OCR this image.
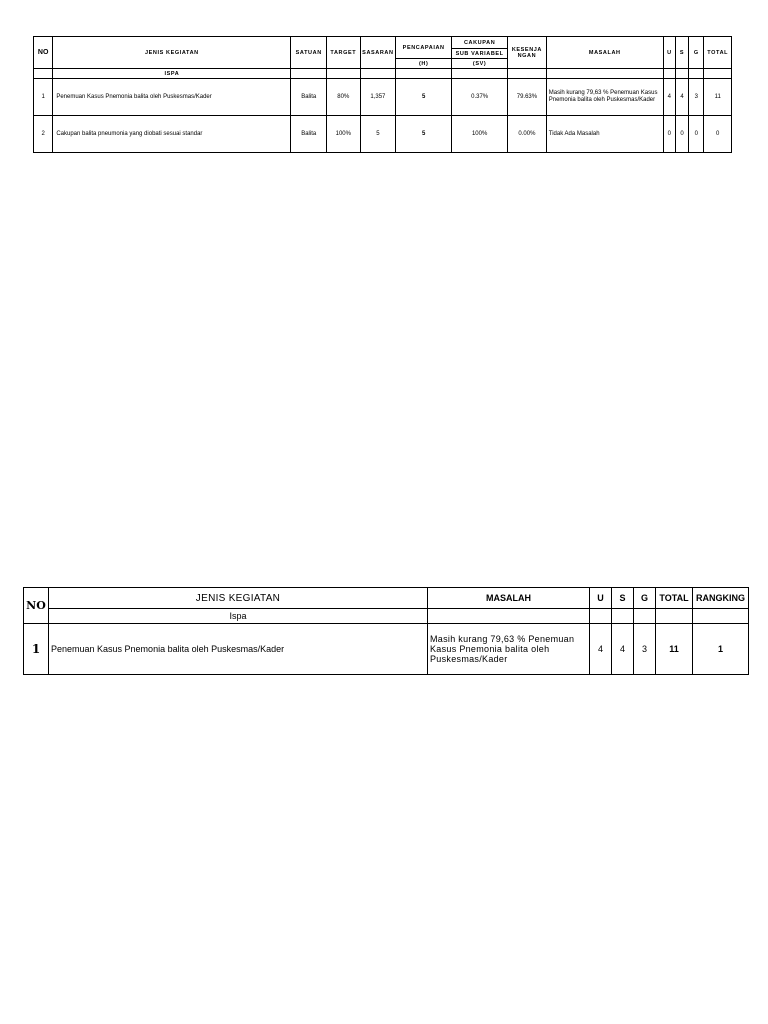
NO	JENIS KEGIATAN	SATUAN	TARGET	SASARAN	PENCAPAIAN	CAKUPAN	KESENJA NGAN	MASALAH	U	S	G	TOTAL
						SUB VARIABEL						
					(H)	(SV)						
	ISPA											
1	Penemuan Kasus Pnemonia balita oleh Puskesmas/Kader	Balita	80%	1,357	5	0.37%	79.63%	Masih kurang 79,63 % Penemuan Kasus Pnemonia balita oleh Puskesmas/Kader	4	4	3	11
2	Cakupan balita pneumonia yang diobati sesuai standar	Balita	100%	5	5	100%	0.00%	Tidak Ada Masalah	0	0	0	0
NO	JENIS KEGIATAN	MASALAH	U	S	G	TOTAL	RANGKING
	Ispa						
1	Penemuan Kasus Pnemonia balita oleh Puskesmas/Kader	Masih kurang 79,63 % Penemuan Kasus Pnemonia balita oleh Puskesmas/Kader	4	4	3	11	1
